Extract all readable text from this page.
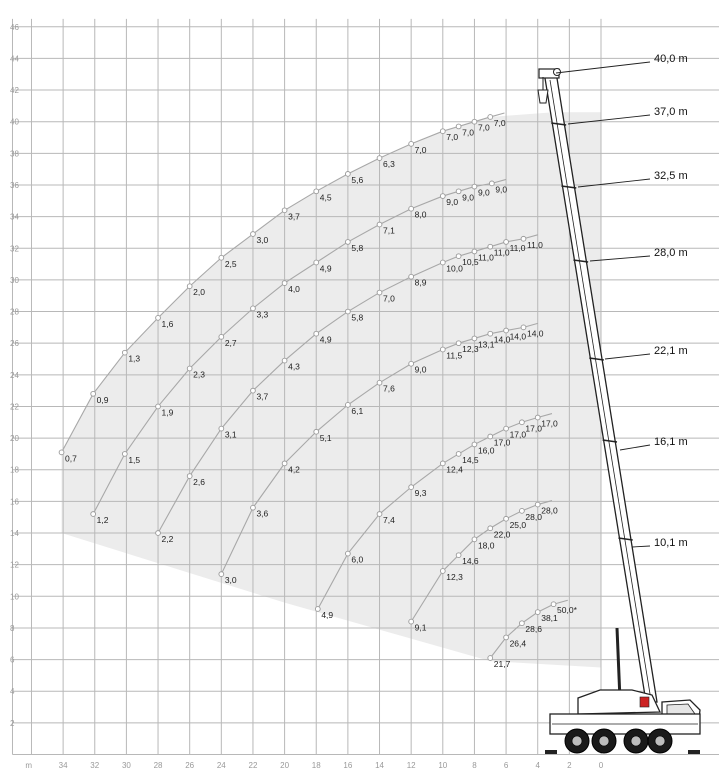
46
44
42
40
38
36
34
32
30
28
26
24
22
20
18
16
14
12
10
8
6
4
2
34	32	30	28	26	24	22	20	18	16	14	12	10	8	6	4	2	0
m
0,7
0,9
1,3
1,6
2,0
2,5
3,0
3,7
4,5
5,6
6,3
7,0
7,0 7,0 7,0 7,0
1,2
1,5
1,9
2,3
2,7
3,3
4,0
4,9
5,8
7,1
8,0
9,0 9,0 9,0 9,0
2,2
2,6
3,1
3,7
4,3
4,9
5,8
7,0
8,9
10,0
10,5 11,0 11,0 11,0 11,0
3,0
3,6
4,2
5,1
6,1
7,6
9,0
11,5
12,3 13,1 14,0 14,0 14,0
4,9
6,0
7,4
9,3
12,4
14,5
16,0
17,0
17,0
17,0 17,0
9,1
12,3
14,6
18,0
22,0
25,0
28,0
28,0
21,7
26,4
28,6
38,1
50,0*
40,0 m
37,0 m
32,5 m
28,0 m
22,1 m
16,1 m
10,1 m
